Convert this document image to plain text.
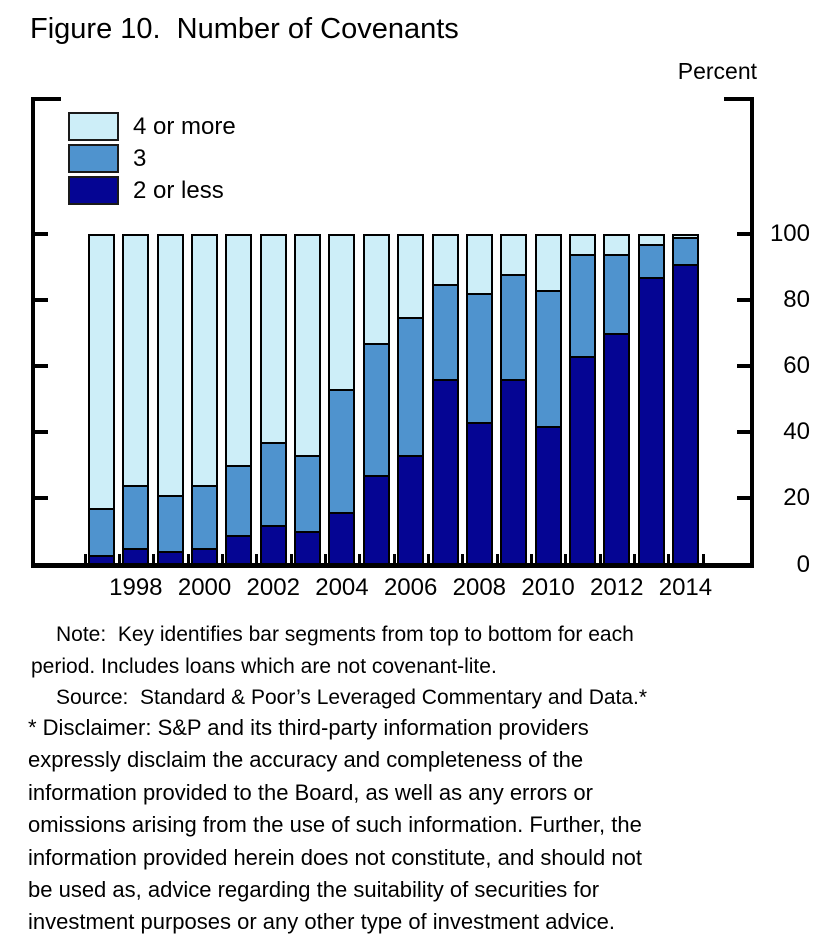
Figure 10.  Number of Covenants
Percent
0
20
40
60
80
100
1998 2000 2002 2004 2006 2008 2010 2012 2014
4 or more
3
2 or less
Note:  Key identifies bar segments from top to bottom for each
period. Includes loans which are not covenant-lite.
Source:  Standard & Poor’s Leveraged Commentary and Data.*
* Disclaimer: S&P and its third-party information providers
expressly disclaim the accuracy and completeness of the
information provided to the Board, as well as any errors or
omissions arising from the use of such information. Further, the
information provided herein does not constitute, and should not
be used as, advice regarding the suitability of securities for
investment purposes or any other type of investment advice.
